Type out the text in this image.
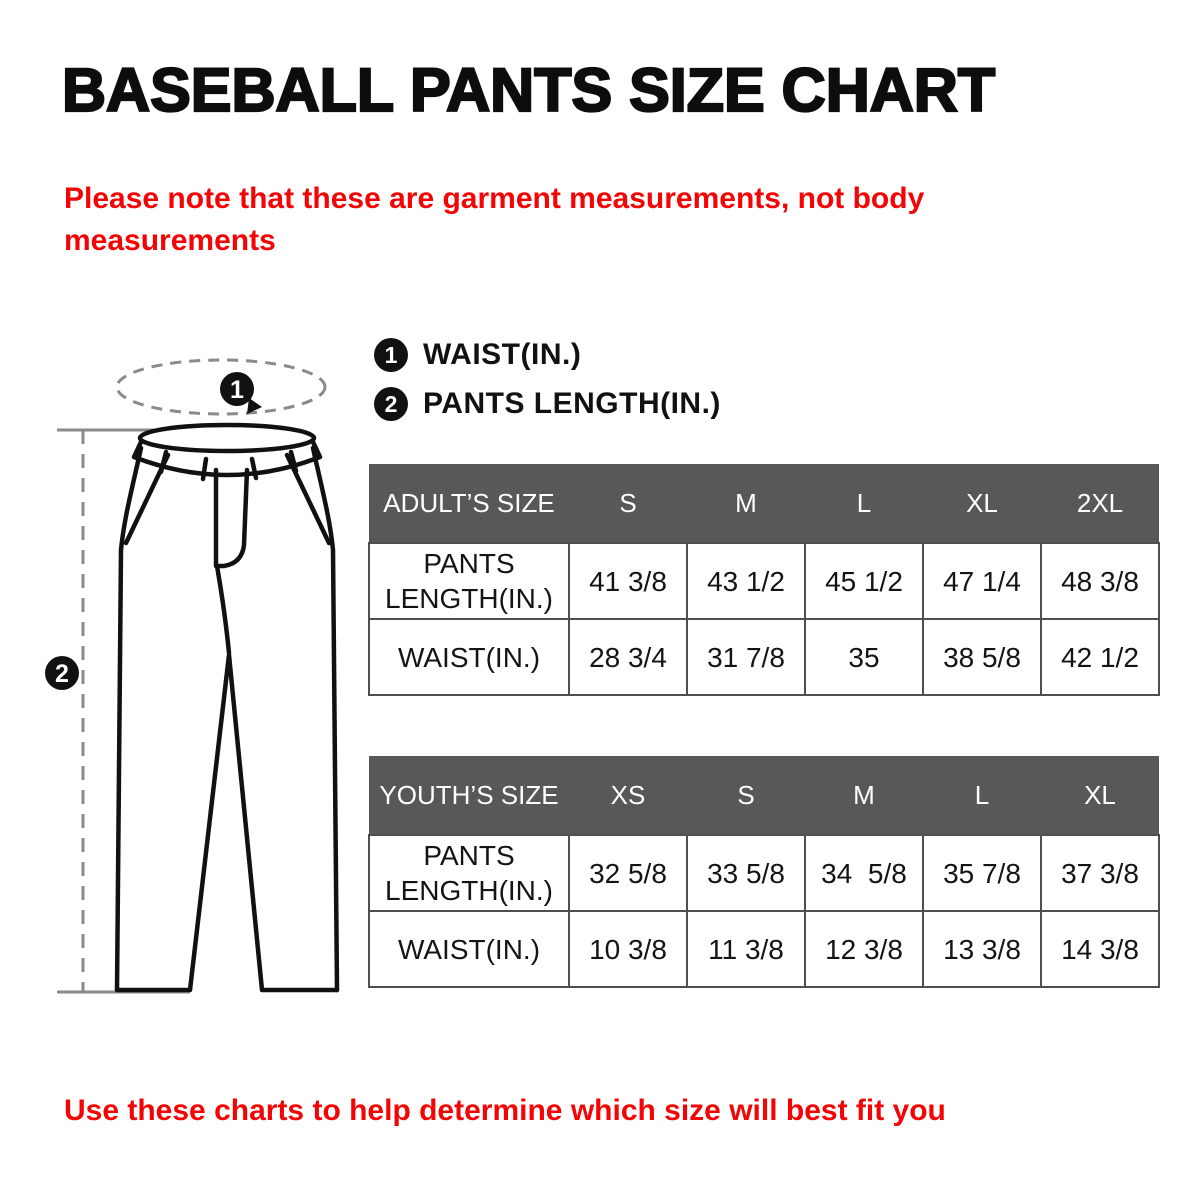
BASEBALL PANTS SIZE CHART
Please note that these are garment measurements, not body measurements
1 WAIST(IN.)
2 PANTS LENGTH(IN.)
1
2
ADULT’S SIZE	S	M	L	XL	2XL
PANTS LENGTH(IN.)	41 3/8	43 1/2	45 1/2	47 1/4	48 3/8
WAIST(IN.)	28 3/4	31 7/8	35	38 5/8	42 1/2
YOUTH’S SIZE	XS	S	M	L	XL
PANTS LENGTH(IN.)	32 5/8	33 5/8	34  5/8	35 7/8	37 3/8
WAIST(IN.)	10 3/8	11 3/8	12 3/8	13 3/8	14 3/8
Use these charts to help determine which size will best fit you
